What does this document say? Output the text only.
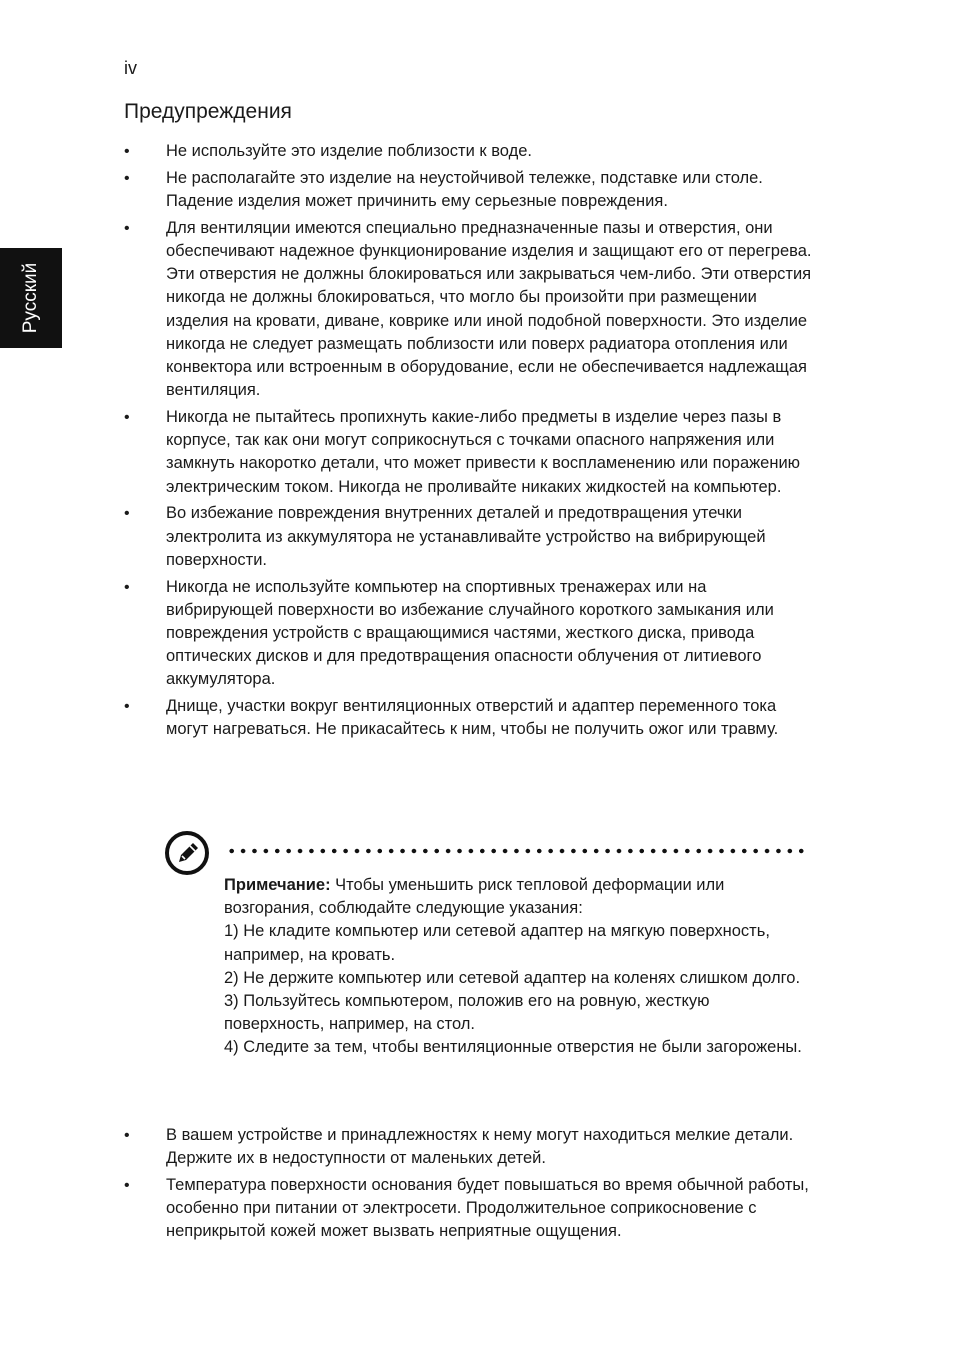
iv
Русский
Предупреждения
• Не используйте это изделие поблизости к воде.
• Не располагайте это изделие на неустойчивой тележке, подставке или столе. Падение изделия может причинить ему серьезные повреждения.
• Для вентиляции имеются специально предназначенные пазы и отверстия, они обеспечивают надежное функционирование изделия и защищают его от перегрева. Эти отверстия не должны блокироваться или закрываться чем-либо. Эти отверстия никогда не должны блокироваться, что могло бы произойти при размещении изделия на кровати, диване, коврике или иной подобной поверхности. Это изделие никогда не следует размещать поблизости или поверх радиатора отопления или конвектора или встроенным в оборудование, если не обеспечивается надлежащая вентиляция.
• Никогда не пытайтесь пропихнуть какие-либо предметы в изделие через пазы в корпусе, так как они могут соприкоснуться с точками опасного напряжения или замкнуть накоротко детали, что может привести к воспламенению или поражению электрическим током. Никогда не проливайте никаких жидкостей на компьютер.
• Во избежание повреждения внутренних деталей и предотвращения утечки электролита из аккумулятора не устанавливайте устройство на вибрирующей поверхности.
• Никогда не используйте компьютер на спортивных тренажерах или на вибрирующей поверхности во избежание случайного короткого замыкания или повреждения устройств с вращающимися частями, жесткого диска, привода оптических дисков и для предотвращения опасности облучения от литиевого аккумулятора.
• Днище, участки вокруг вентиляционных отверстий и адаптер переменного тока могут нагреваться. Не прикасайтесь к ним, чтобы не получить ожог или травму.
Примечание: Чтобы уменьшить риск тепловой деформации или возгорания, соблюдайте следующие указания:
1) Не кладите компьютер или сетевой адаптер на мягкую поверхность, например, на кровать.
2) Не держите компьютер или сетевой адаптер на коленях слишком долго.
3) Пользуйтесь компьютером, положив его на ровную, жесткую поверхность, например, на стол.
4) Следите за тем, чтобы вентиляционные отверстия не были загорожены.
• В вашем устройстве и принадлежностях к нему могут находиться мелкие детали. Держите их в недоступности от маленьких детей.
• Температура поверхности основания будет повышаться во время обычной работы, особенно при питании от электросети. Продолжительное соприкосновение с неприкрытой кожей может вызвать неприятные ощущения.
